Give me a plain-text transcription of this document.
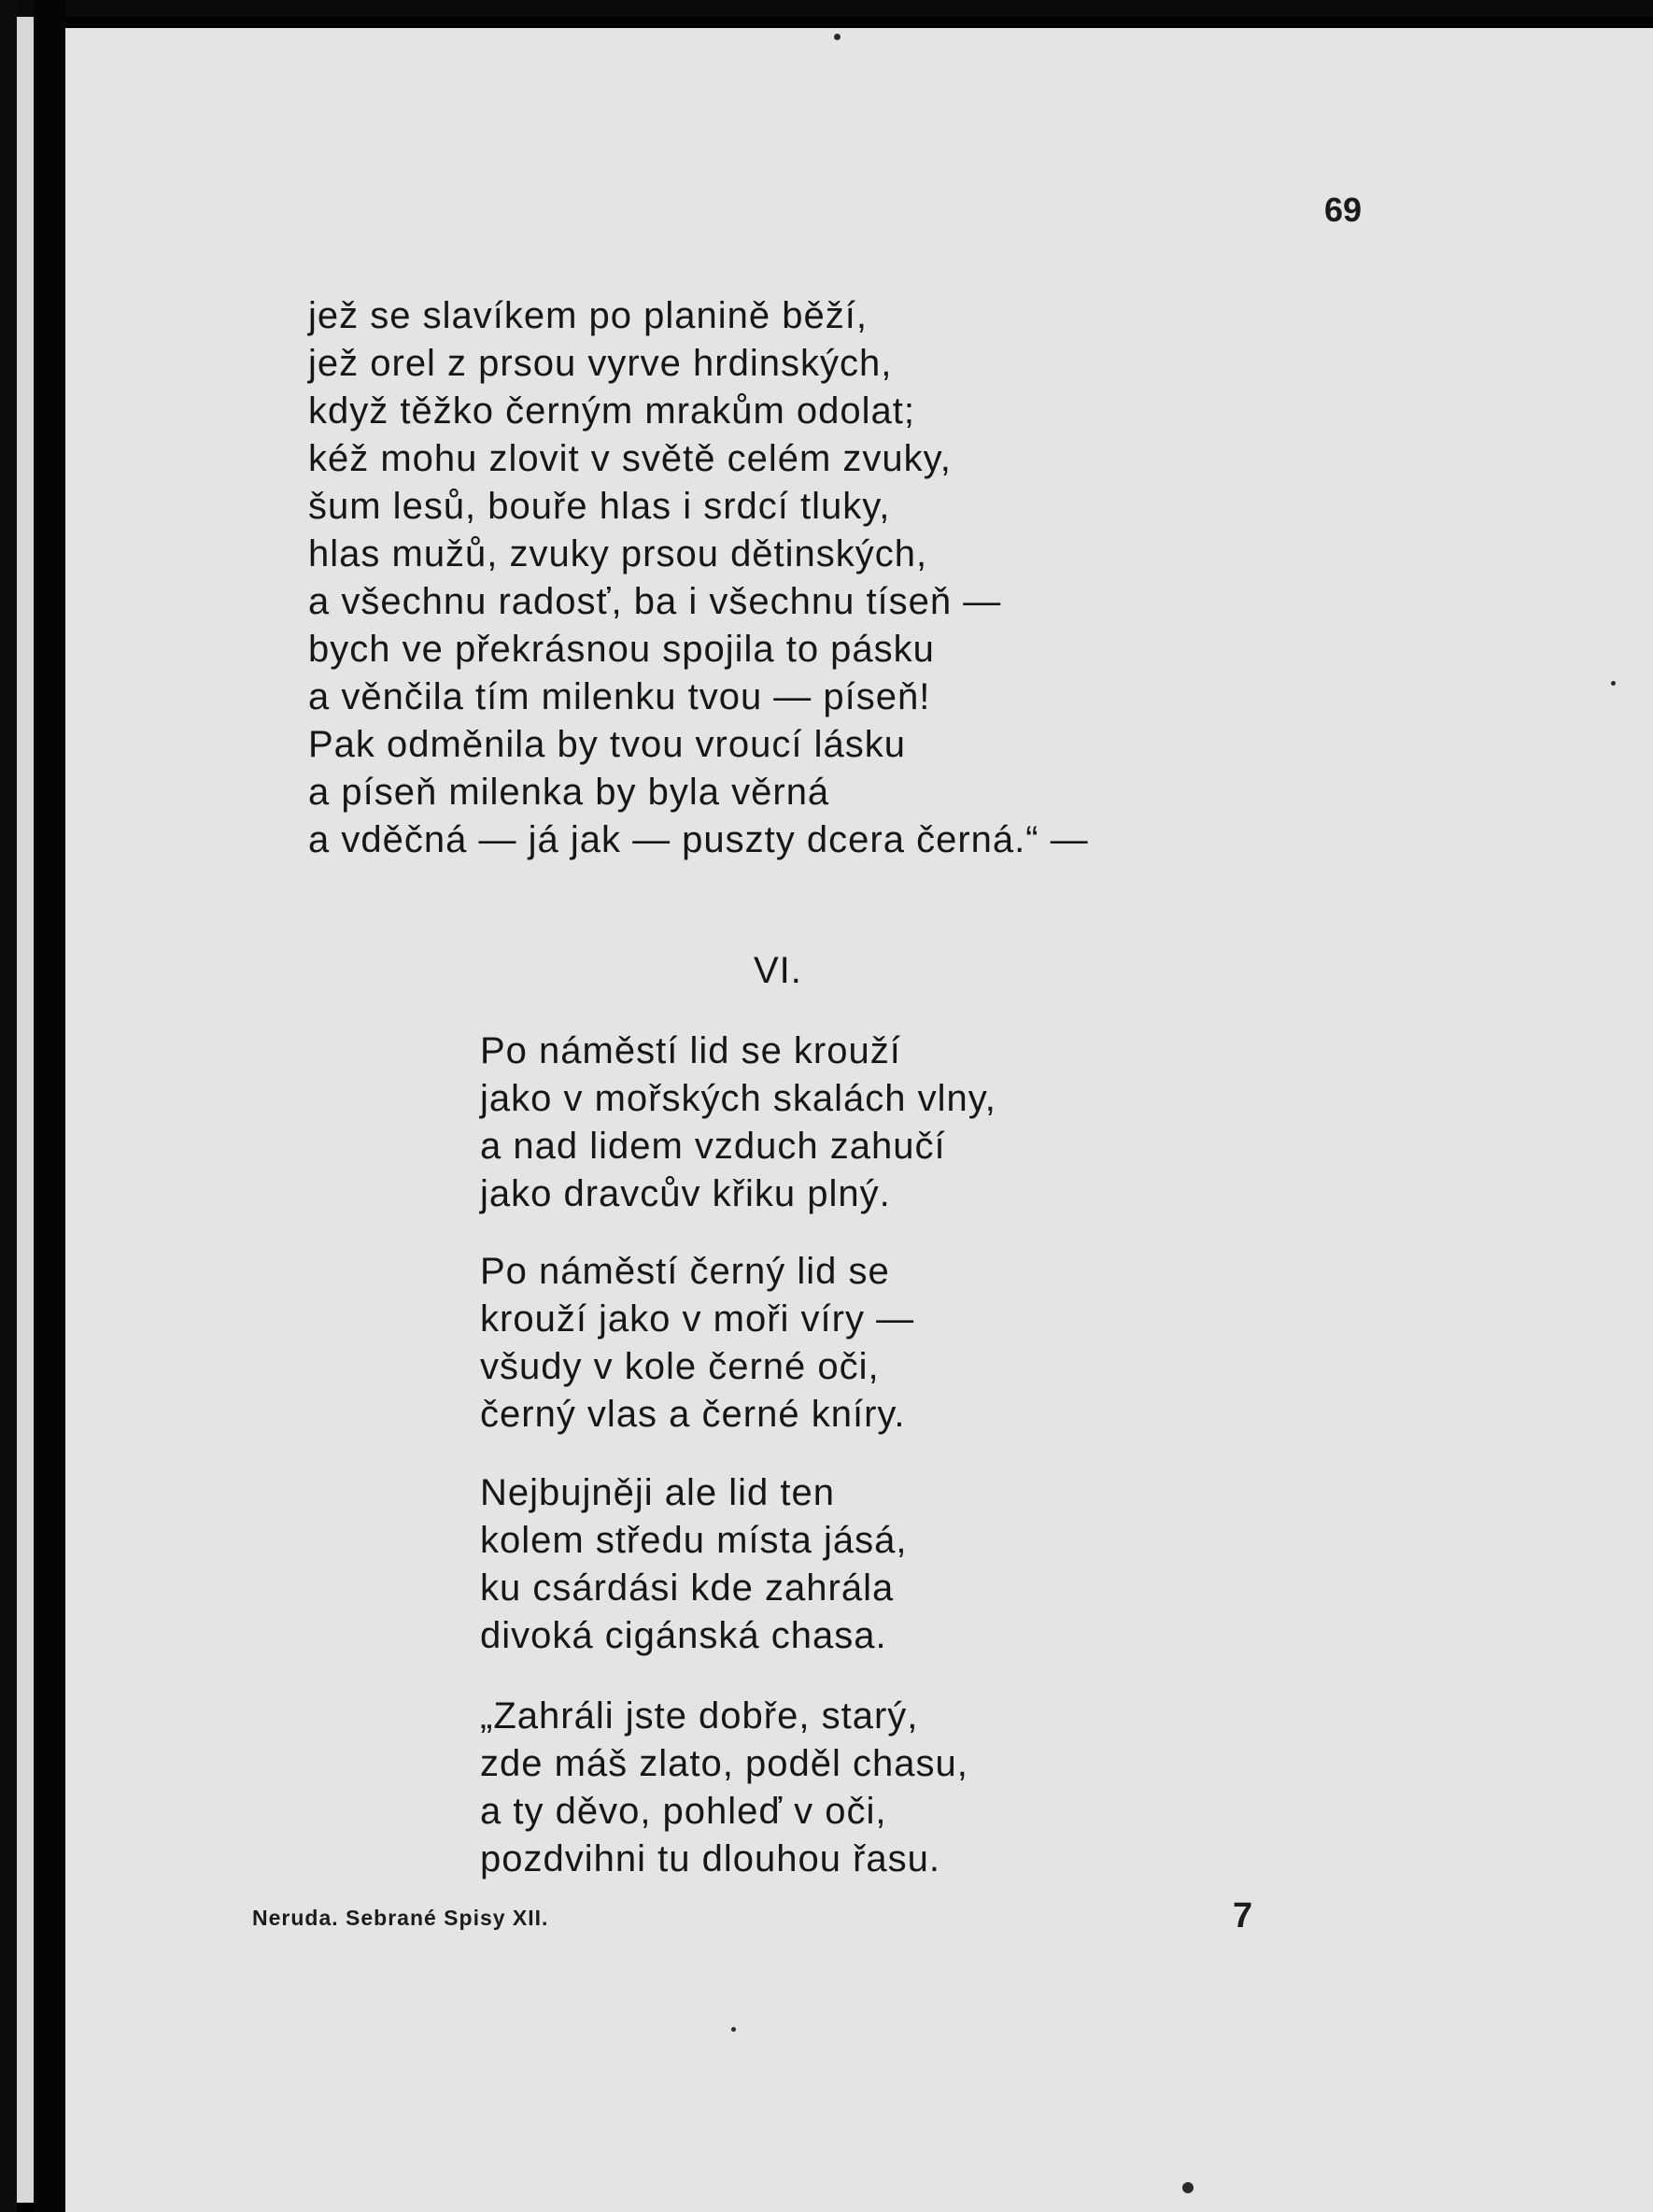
69
jež se slavíkem po planině běží,
jež orel z prsou vyrve hrdinských,
když těžko černým mrakům odolat;
kéž mohu zlovit v světě celém zvuky,
šum lesů, bouře hlas i srdcí tluky,
hlas mužů, zvuky prsou dětinských,
a všechnu radosť, ba i všechnu tíseň —
bych ve překrásnou spojila to pásku
a věnčila tím milenku tvou — píseň!
Pak odměnila by tvou vroucí lásku
a píseň milenka by byla věrná
a vděčná — já jak — puszty dcera černá.“ —
VI.
Po náměstí lid se krouží
jako v mořských skalách vlny,
a nad lidem vzduch zahučí
jako dravcův křiku plný.
Po náměstí černý lid se
krouží jako v moři víry —
všudy v kole černé oči,
černý vlas a černé kníry.
Nejbujněji ale lid ten
kolem středu místa jásá,
ku csárdási kde zahrála
divoká cigánská chasa.
„Zahráli jste dobře, starý,
zde máš zlato, poděl chasu,
a ty děvo, pohleď v oči,
pozdvihni tu dlouhou řasu.
Nerudа. Sebrané Spisy XII.	7
